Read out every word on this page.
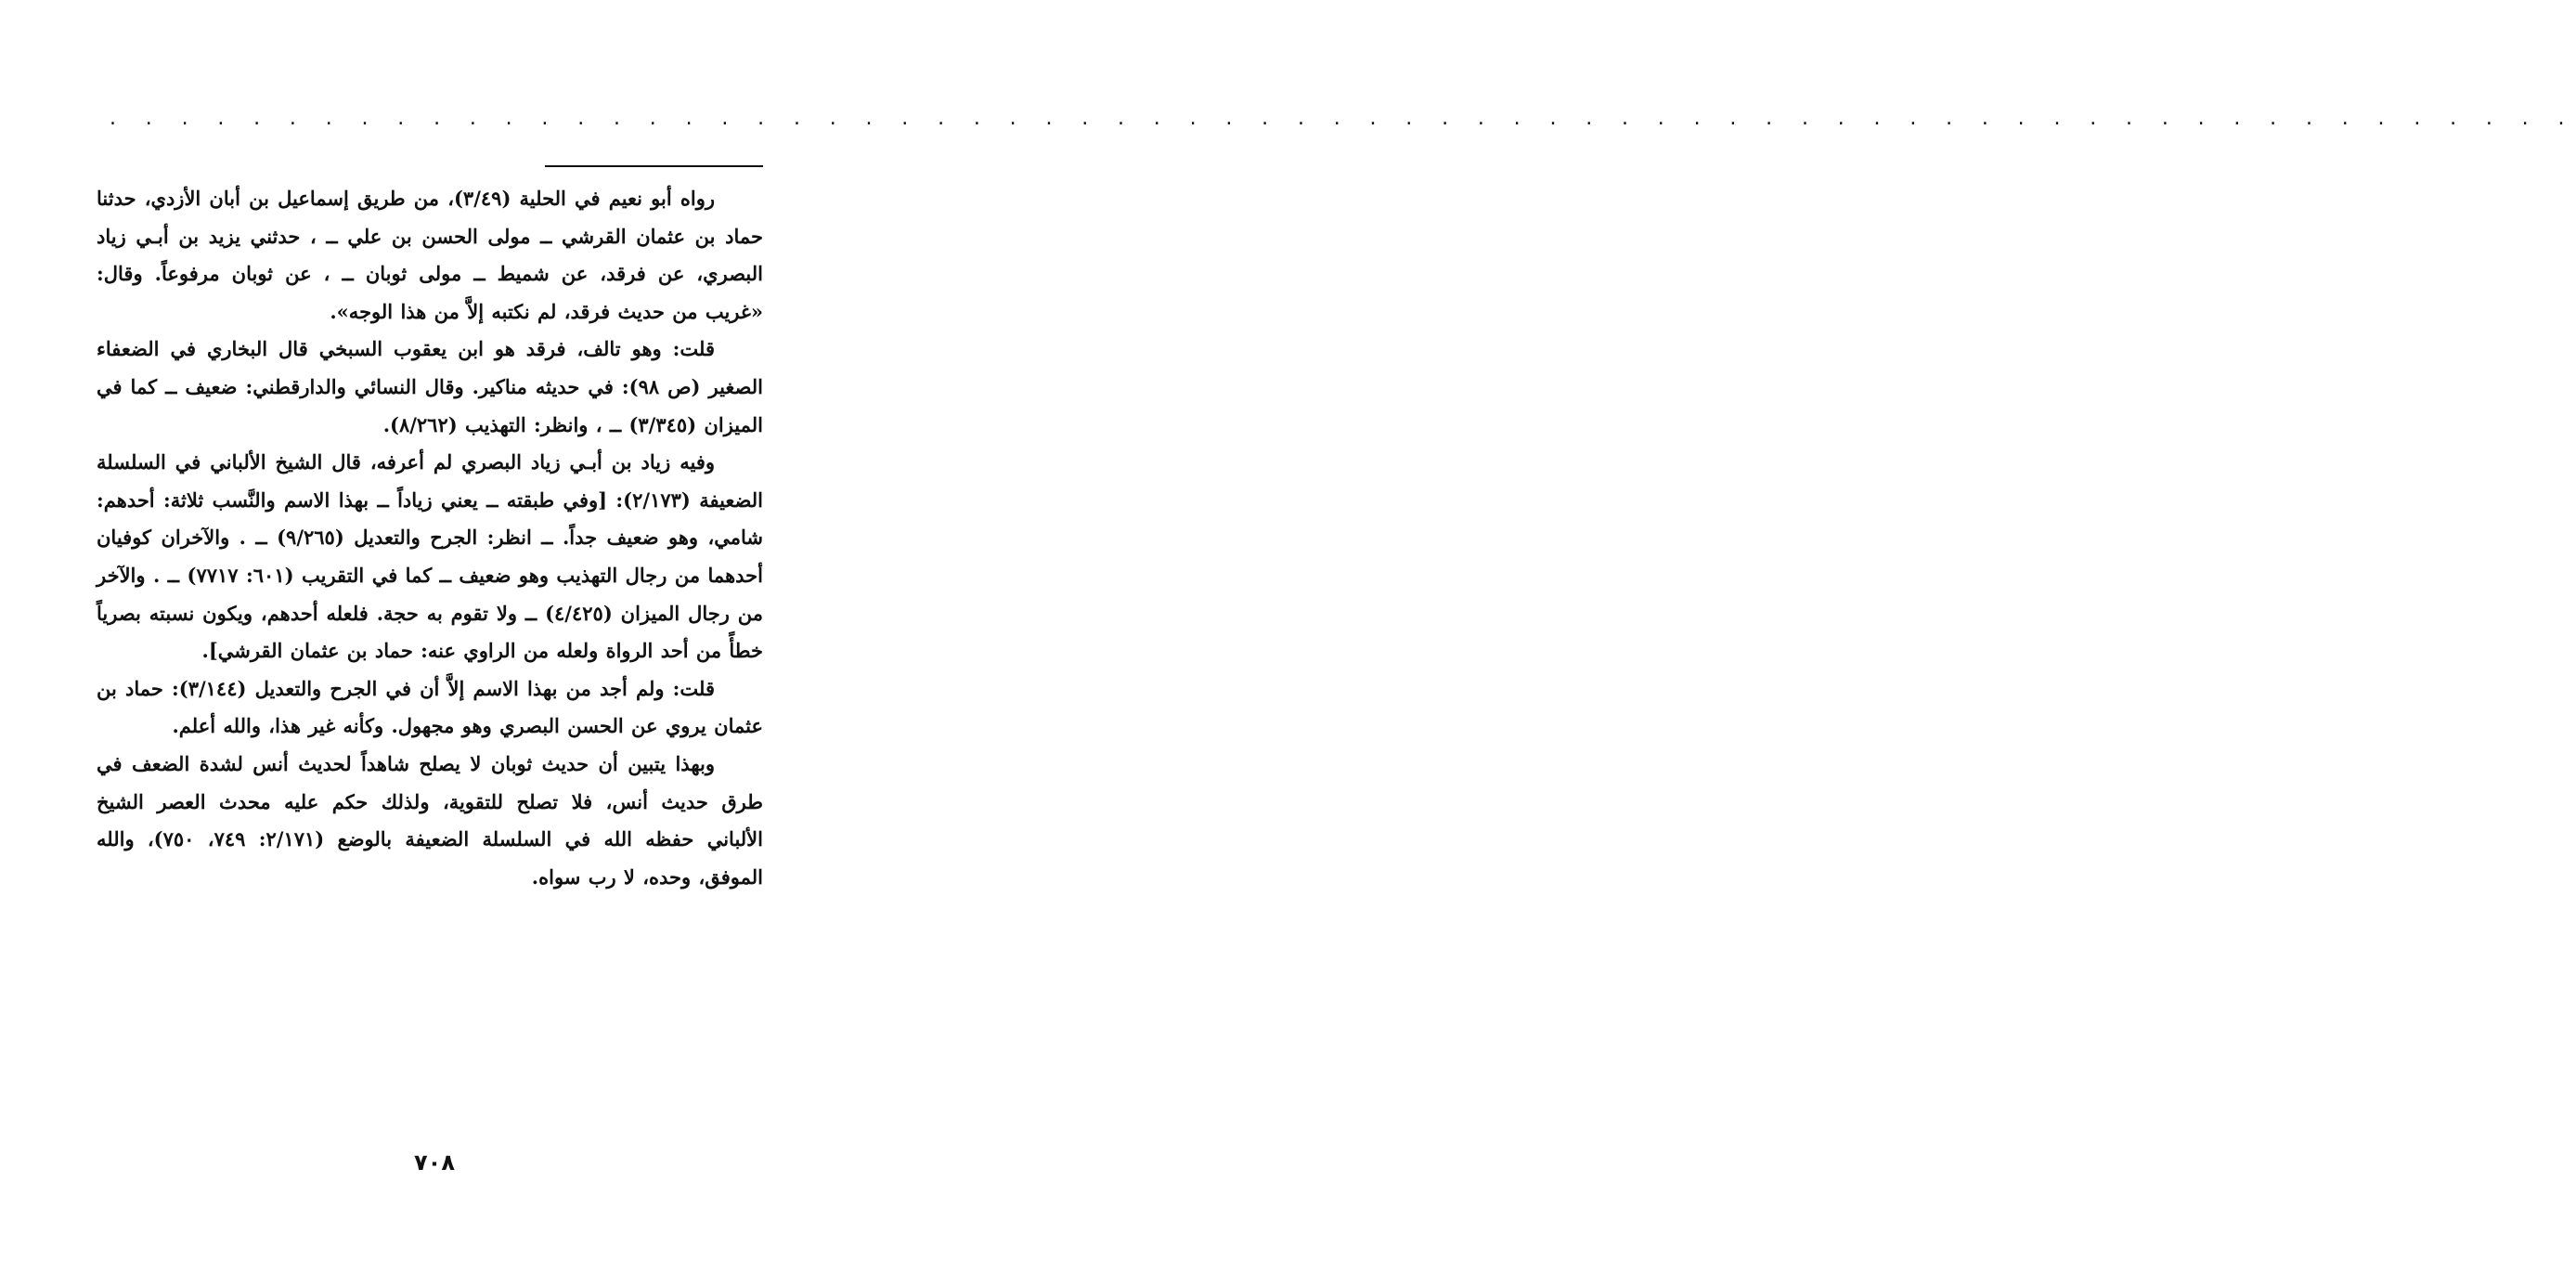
. . . . . . . . . . . . . . . . . . . . . . . . . . . . . . . . . . . . . . . . . . . . . . . . . . . . . . . . . . . . . . . . . . . . .

رواه أبو نعيم في الحلية (٣/٤٩)، من طريق إسماعيل بن أبان الأزدي، حدثنا حماد بن عثمان القرشي ــ مولى الحسن بن علي ــ ، حدثني يزيد بن أبـي زياد البصري، عن فرقد، عن شميط ــ مولى ثوبان ــ ، عن ثوبان مرفوعاً. وقال: «غريب من حديث فرقد، لم نكتبه إلاَّ من هذا الوجه».

قلت: وهو تالف، فرقد هو ابن يعقوب السبخي قال البخاري في الضعفاء الصغير (ص ٩٨): في حديثه مناكير. وقال النسائي والدارقطني: ضعيف ــ كما في الميزان (٣/٣٤٥) ــ ، وانظر: التهذيب (٨/٢٦٢).

وفيه زياد بن أبـي زياد البصري لم أعرفه، قال الشيخ الألباني في السلسلة الضعيفة (٢/١٧٣): [وفي طبقته ــ يعني زياداً ــ بهذا الاسم والنَّسب ثلاثة: أحدهم: شامي، وهو ضعيف جداً. ــ انظر: الجرح والتعديل (٩/٢٦٥) ــ . والآخران كوفيان أحدهما من رجال التهذيب وهو ضعيف ــ كما في التقريب (٦٠١: ٧٧١٧) ــ . والآخر من رجال الميزان (٤/٤٢٥) ــ ولا تقوم به حجة. فلعله أحدهم، ويكون نسبته بصرياً خطأً من أحد الرواة ولعله من الراوي عنه: حماد بن عثمان القرشي].

قلت: ولم أجد من بهذا الاسم إلاَّ أن في الجرح والتعديل (٣/١٤٤): حماد بن عثمان يروي عن الحسن البصري وهو مجهول. وكأنه غير هذا، والله أعلم.

وبهذا يتبين أن حديث ثوبان لا يصلح شاهداً لحديث أنس لشدة الضعف في طرق حديث أنس، فلا تصلح للتقوية، ولذلك حكم عليه محدث العصر الشيخ الألباني حفظه الله في السلسلة الضعيفة بالوضع (٢/١٧١: ٧٤٩، ٧٥٠)، والله الموفق، وحده، لا رب سواه.

٧٠٨
